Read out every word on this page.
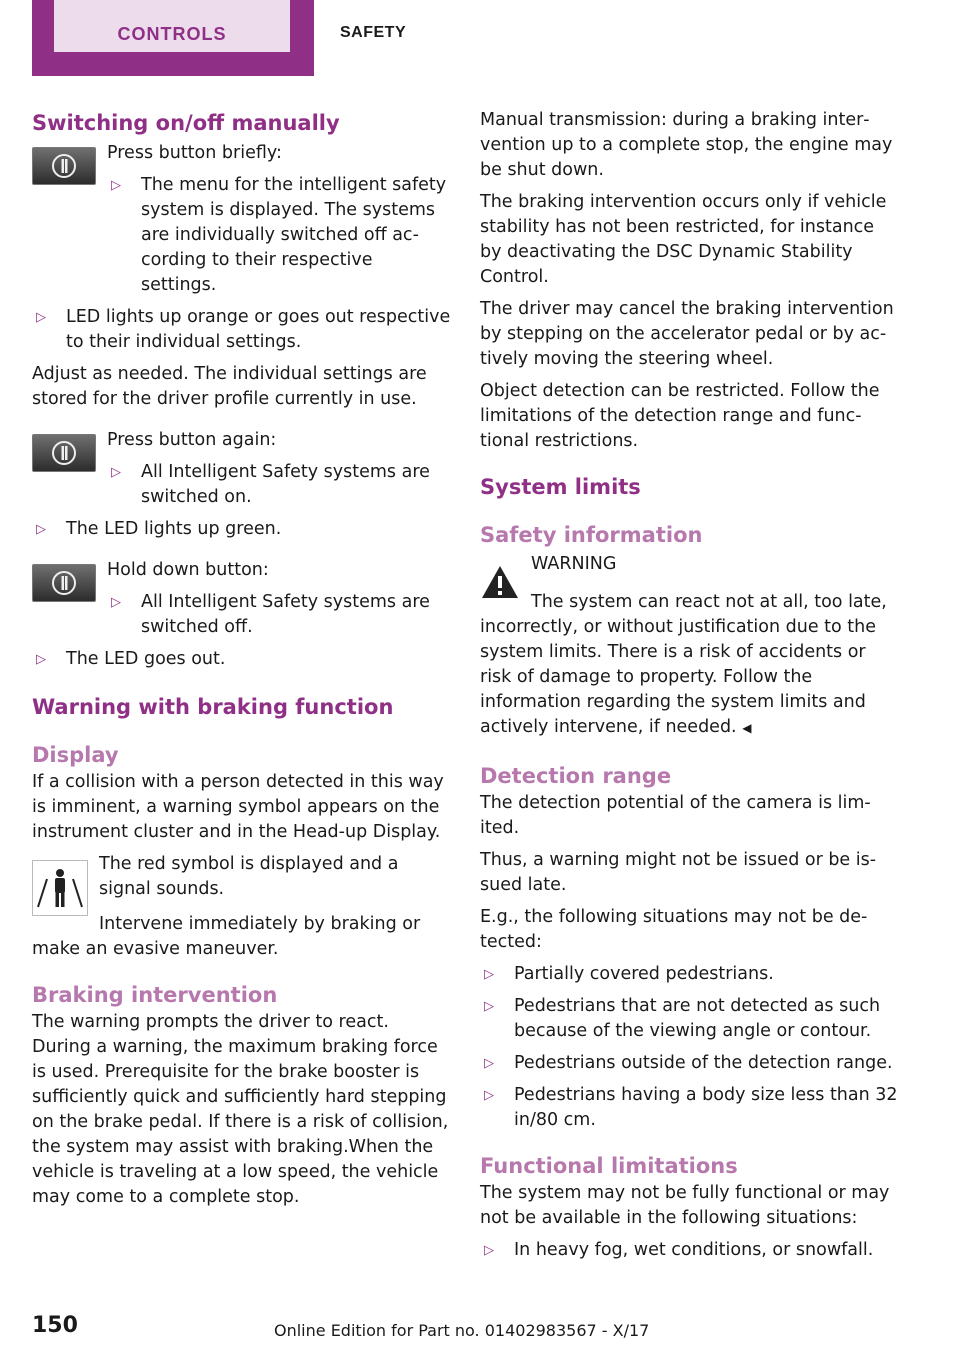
CONTROLS	SAFETY
Switching on/off manually

Press button briefly:

▷	The menu for the intelligent safety system is displayed. The systems are individually switched off according to their respective settings.
▷	LED lights up orange or goes out respective to their individual settings.

Adjust as needed. The individual settings are stored for the driver profile currently in use.

Press button again:

▷	All Intelligent Safety systems are switched on.
▷	The LED lights up green.

Hold down button:

▷	All Intelligent Safety systems are switched off.
▷	The LED goes out.
Warning with braking function
Display

If a collision with a person detected in this way is imminent, a warning symbol appears on the instrument cluster and in the Head-up Display.

The red symbol is displayed and a signal sounds.

Intervene immediately by braking or make an evasive maneuver.

Braking intervention

The warning prompts the driver to react. During a warning, the maximum braking force is used. Prerequisite for the brake booster is sufficiently quick and sufficiently hard stepping on the brake pedal. If there is a risk of collision, the system may assist with braking.When the vehicle is traveling at a low speed, the vehicle may come to a complete stop.

Manual transmission: during a braking intervention up to a complete stop, the engine may be shut down.

The braking intervention occurs only if vehicle stability has not been restricted, for instance by deactivating the DSC Dynamic Stability Control.

The driver may cancel the braking intervention by stepping on the accelerator pedal or by actively moving the steering wheel.

Object detection can be restricted. Follow the limitations of the detection range and functional restrictions.

System limits
Safety information

WARNING

The system can react not at all, too late, incorrectly, or without justification due to the system limits. There is a risk of accidents or risk of damage to property. Follow the information regarding the system limits and actively intervene, if needed. ◀

Detection range

The detection potential of the camera is limited.

Thus, a warning might not be issued or be issued late.

E.g., the following situations may not be detected:

▷	Partially covered pedestrians.
▷	Pedestrians that are not detected as such because of the viewing angle or contour.
▷	Pedestrians outside of the detection range.
▷	Pedestrians having a body size less than 32 in/80 cm.
Functional limitations

The system may not be fully functional or may not be available in the following situations:

▷	In heavy fog, wet conditions, or snowfall.
150	Online Edition for Part no. 01402983567 - X/17
